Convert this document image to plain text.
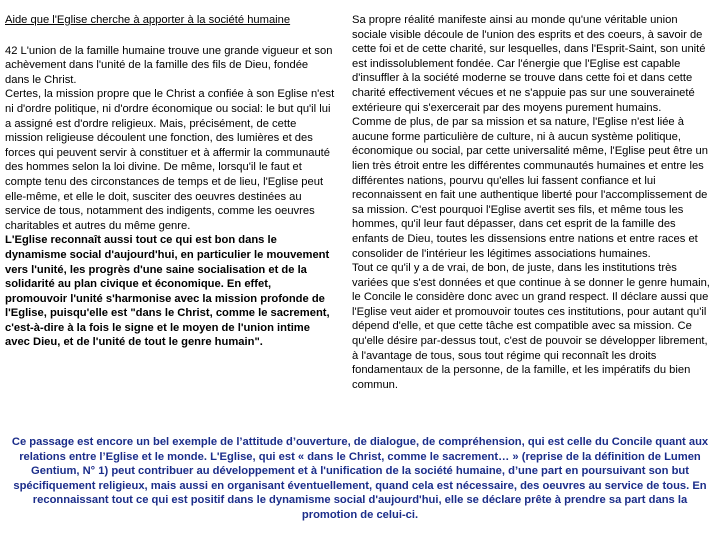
Aide que l'Eglise cherche à apporter à la société humaine

42 L'union de la famille humaine trouve une grande vigueur et son achèvement dans l'unité de la famille des fils de Dieu, fondée dans le Christ.

Certes, la mission propre que le Christ a confiée à son Eglise n'est ni d'ordre politique, ni d'ordre économique ou social: le but qu'il lui a assigné est d'ordre religieux. Mais, précisément, de cette mission religieuse découlent une fonction, des lumières et des forces qui peuvent servir à constituer et à affermir la communauté des hommes selon la loi divine. De même, lorsqu'il le faut et compte tenu des circonstances de temps et de lieu, l'Eglise peut elle-même, et elle le doit, susciter des oeuvres destinées au service de tous, notamment des indigents, comme les oeuvres charitables et autres du même genre.

L'Eglise reconnaît aussi tout ce qui est bon dans le dynamisme social d'aujourd'hui, en particulier le mouvement vers l'unité, les progrès d'une saine socialisation et de la solidarité au plan civique et économique. En effet, promouvoir l'unité s'harmonise avec la mission profonde de l'Eglise, puisqu'elle est "dans le Christ, comme le sacrement, c'est-à-dire à la fois le signe et le moyen de l'union intime avec Dieu, et de l'unité de tout le genre humain".

Sa propre réalité manifeste ainsi au monde qu'une véritable union sociale visible découle de l'union des esprits et des coeurs, à savoir de cette foi et de cette charité, sur lesquelles, dans l'Esprit-Saint, son unité est indissolublement fondée. Car l'énergie que l'Eglise est capable d'insuffler à la société moderne se trouve dans cette foi et dans cette charité effectivement vécues et ne s'appuie pas sur une souveraineté extérieure qui s'exercerait par des moyens purement humains.

Comme de plus, de par sa mission et sa nature, l'Eglise n'est liée à aucune forme particulière de culture, ni à aucun système politique, économique ou social, par cette universalité même, l'Eglise peut être un lien très étroit entre les différentes communautés humaines et entre les différentes nations, pourvu qu'elles lui fassent confiance et lui reconnaissent en fait une authentique liberté pour l'accomplissement de sa mission. C'est pourquoi l'Eglise avertit ses fils, et même tous les hommes, qu'il leur faut dépasser, dans cet esprit de la famille des enfants de Dieu, toutes les dissensions entre nations et entre races et consolider de l'intérieur les légitimes associations humaines.

Tout ce qu'il y a de vrai, de bon, de juste, dans les institutions très variées que s'est données et que continue à se donner le genre humain, le Concile le considère donc avec un grand respect. Il déclare aussi que l'Eglise veut aider et promouvoir toutes ces institutions, pour autant qu'il dépend d'elle, et que cette tâche est compatible avec sa mission. Ce qu'elle désire par-dessus tout, c'est de pouvoir se développer librement, à l'avantage de tous, sous tout régime qui reconnaît les droits fondamentaux de la personne, de la famille, et les impératifs du bien commun.

Ce passage est encore un bel exemple de l’attitude d’ouverture, de dialogue, de compréhension, qui est celle du Concile quant aux relations entre l’Eglise et le monde. L'Eglise, qui est « dans le Christ, comme le sacrement… » (reprise de la définition de Lumen Gentium, N° 1) peut contribuer au développement et à l'unification de la société humaine, d’une part en poursuivant son but spécifiquement religieux, mais aussi en organisant éventuellement, quand cela est nécessaire, des oeuvres au service de tous. En reconnaissant tout ce qui est positif dans le dynamisme social d'aujourd'hui, elle se déclare prête à prendre sa part dans la promotion de celui-ci.
